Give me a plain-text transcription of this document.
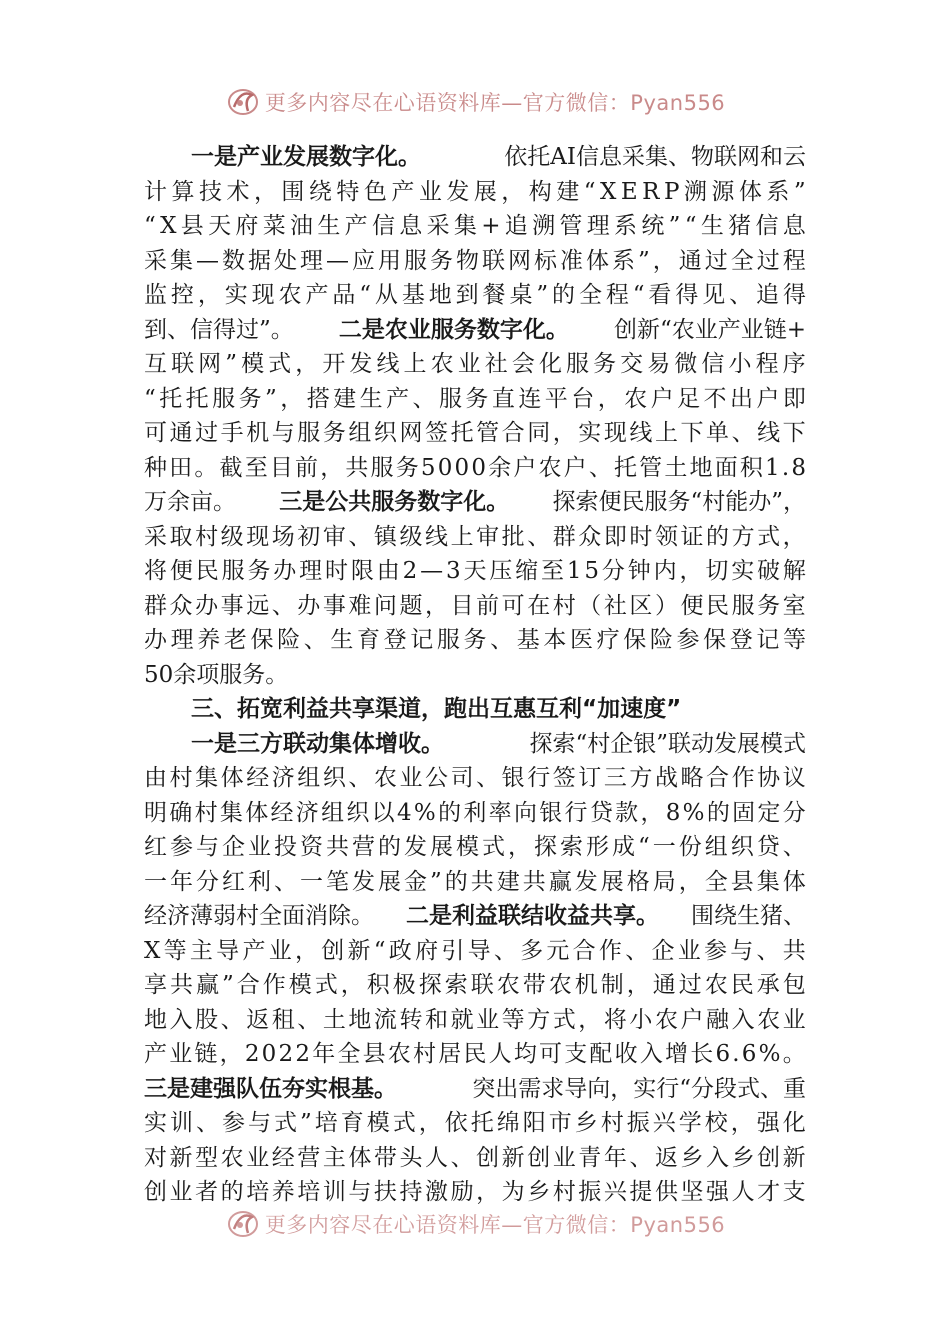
更多内容尽在心语资料库—官方微信：Pyan556
一是产业发展数字化。	依托AI信息采集、物联网和云
计 算 技 术 ， 围 绕 特 色 产 业 发 展 ， 构 建 “ X E R P 溯 源 体 系 ”
“ X 县 天 府 菜 油 生 产 信 息 采 集 + 追 溯 管 理 系 统 ” “ 生 猪 信 息
采 集 — 数 据 处 理 — 应 用 服 务 物 联 网 标 准 体 系 ” ， 通 过 全 过 程
监 控 ， 实 现 农 产 品 “ 从 基 地 到 餐 桌 ” 的 全 程 “ 看 得 见 、 追 得
到、信得过”。 二是农业服务数字化。 创新“农业产业链+
互 联 网 ” 模 式 ， 开 发 线 上 农 业 社 会 化 服 务 交 易 微 信 小 程 序
“ 托 托 服 务 ” ， 搭 建 生 产 、 服 务 直 连 平 台 ， 农 户 足 不 出 户 即
可 通 过 手 机 与 服 务 组 织 网 签 托 管 合 同 ， 实 现 线 上 下 单 、 线 下
种 田 。 截 至 目 前 ， 共 服 务 5 0 0 0 余 户 农 户 、 托 管 土 地 面 积 1 . 8
万余亩。 三是公共服务数字化。 探索便民服务“村能办”，
采 取 村 级 现 场 初 审 、 镇 级 线 上 审 批 、 群 众 即 时 领 证 的 方 式 ，
将 便 民 服 务 办 理 时 限 由 2 — 3 天 压 缩 至 1 5 分 钟 内 ， 切 实 破 解
群 众 办 事 远 、 办 事 难 问 题 ， 目 前 可 在 村 （ 社 区 ） 便 民 服 务 室
办 理 养 老 保 险 、 生 育 登 记 服 务 、 基 本 医 疗 保 险 参 保 登 记 等
50余项服务。
三、拓宽利益共享渠道，跑出互惠互利“加速度”
一是三方联动集体增收。	探索“村企银”联动发展模式
由 村 集 体 经 济 组 织 、 农 业 公 司 、 银 行 签 订 三 方 战 略 合 作 协 议
明 确 村 集 体 经 济 组 织 以 4 % 的 利 率 向 银 行 贷 款 ， 8 % 的 固 定 分
红 参 与 企 业 投 资 共 营 的 发 展 模 式 ， 探 索 形 成 “ 一 份 组 织 贷 、
一 年 分 红 利 、 一 笔 发 展 金 ” 的 共 建 共 赢 发 展 格 局 ， 全 县 集 体
经济薄弱村全面消除。 二是利益联结收益共享。 围绕生猪、
X 等 主 导 产 业 ， 创 新 “ 政 府 引 导 、 多 元 合 作 、 企 业 参 与 、 共
享 共 赢 ” 合 作 模 式 ， 积 极 探 索 联 农 带 农 机 制 ， 通 过 农 民 承 包
地 入 股 、 返 租 、 土 地 流 转 和 就 业 等 方 式 ， 将 小 农 户 融 入 农 业
产 业 链 ， 2 0 2 2 年 全 县 农 村 居 民 人 均 可 支 配 收 入 增 长 6 . 6 % 。
三是建强队伍夯实根基。	突出需求导向，实行“分段式、重
实 训 、 参 与 式 ” 培 育 模 式 ， 依 托 绵 阳 市 乡 村 振 兴 学 校 ， 强 化
对 新 型 农 业 经 营 主 体 带 头 人 、 创 新 创 业 青 年 、 返 乡 入 乡 创 新
创 业 者 的 培 养 培 训 与 扶 持 激 励 ， 为 乡 村 振 兴 提 供 坚 强 人 才 支
更多内容尽在心语资料库—官方微信：Pyan556
